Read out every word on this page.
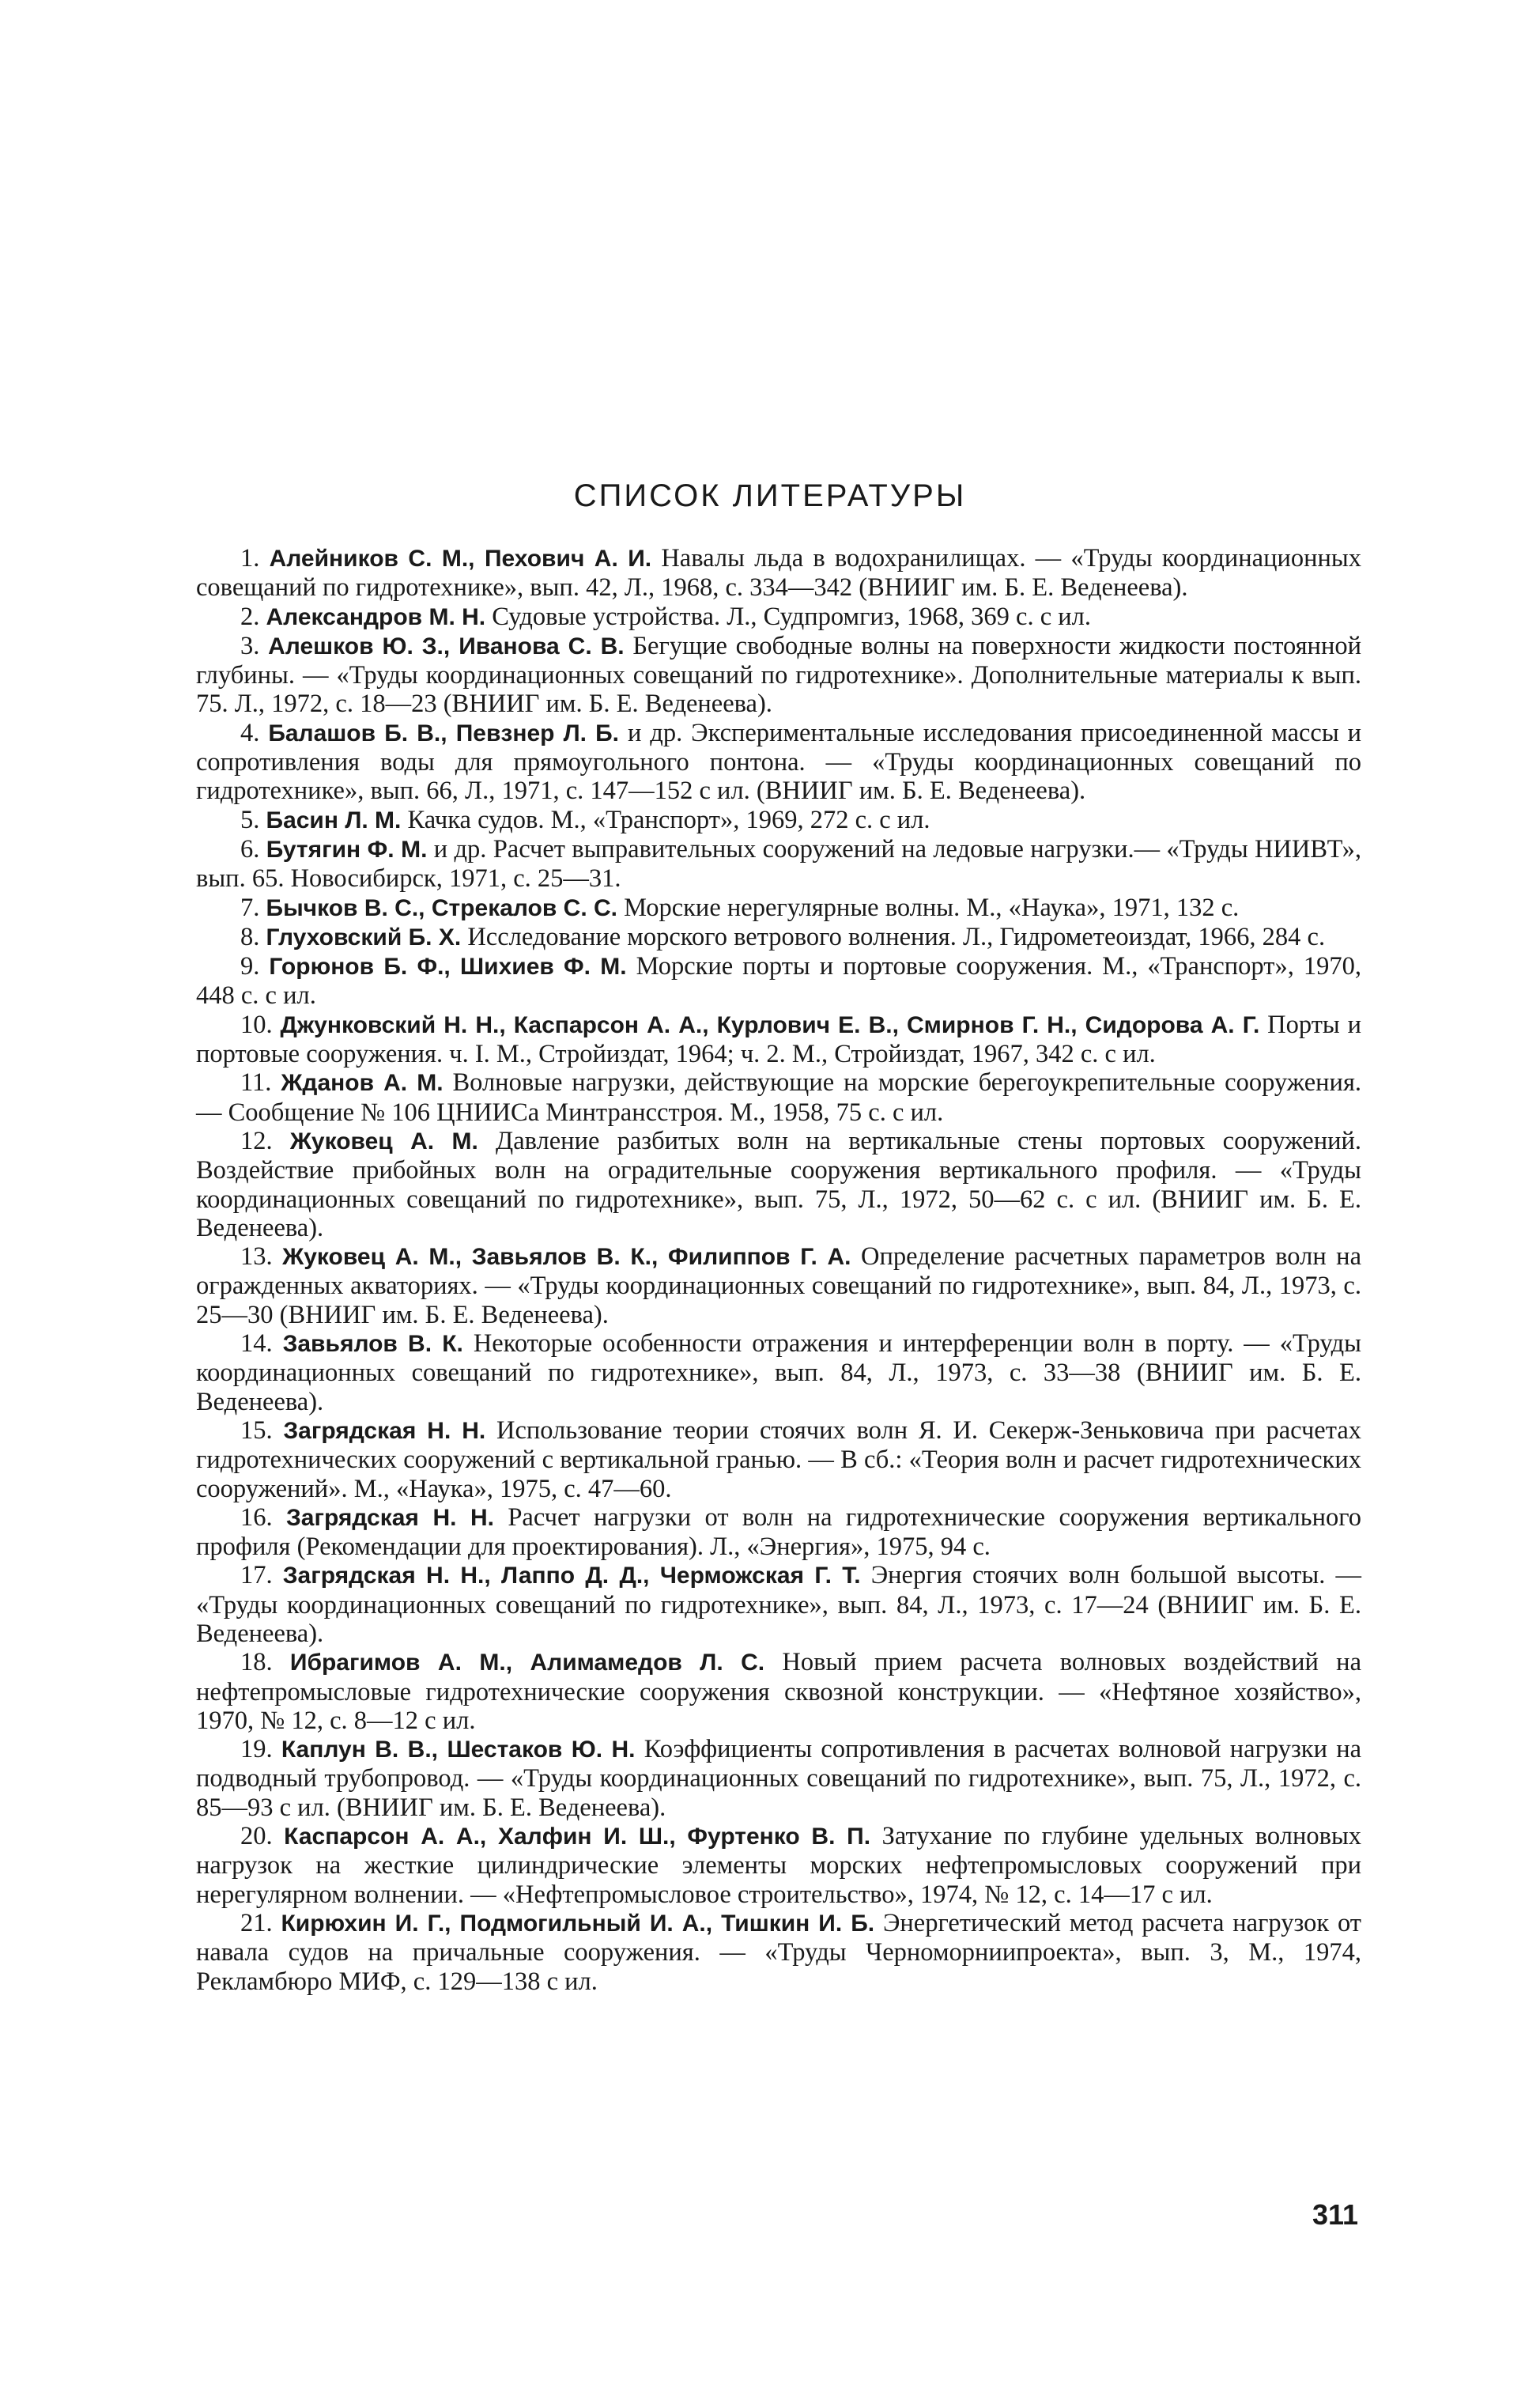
СПИСОК ЛИТЕРАТУРЫ

1. Алейников С. М., Пехович А. И. Навалы льда в водохранилищах. — «Труды координационных совещаний по гидротехнике», вып. 42, Л., 1968, с. 334—342 (ВНИИГ им. Б. Е. Веденеева).

2. Александров М. Н. Судовые устройства. Л., Судпромгиз, 1968, 369 с. с ил.

3. Алешков Ю. З., Иванова С. В. Бегущие свободные волны на поверхности жидкости постоянной глубины. — «Труды координационных совещаний по гидротехнике». Дополнительные материалы к вып. 75. Л., 1972, с. 18—23 (ВНИИГ им. Б. Е. Веденеева).

4. Балашов Б. В., Певзнер Л. Б. и др. Экспериментальные исследования присоединенной массы и сопротивления воды для прямоугольного понтона. — «Труды координационных совещаний по гидротехнике», вып. 66, Л., 1971, с. 147—152 с ил. (ВНИИГ им. Б. Е. Веденеева).

5. Басин Л. М. Качка судов. М., «Транспорт», 1969, 272 с. с ил.

6. Бутягин Ф. М. и др. Расчет выправительных сооружений на ледовые нагрузки.— «Труды НИИВТ», вып. 65. Новосибирск, 1971, с. 25—31.

7. Бычков В. С., Стрекалов С. С. Морские нерегулярные волны. М., «Наука», 1971, 132 с.

8. Глуховский Б. Х. Исследование морского ветрового волнения. Л., Гидрометеоиздат, 1966, 284 с.

9. Горюнов Б. Ф., Шихиев Ф. М. Морские порты и портовые сооружения. М., «Транспорт», 1970, 448 с. с ил.

10. Джунковский Н. Н., Каспарсон А. А., Курлович Е. В., Смирнов Г. Н., Сидорова А. Г. Порты и портовые сооружения. ч. I. М., Стройиздат, 1964; ч. 2. М., Стройиздат, 1967, 342 с. с ил.

11. Жданов А. М. Волновые нагрузки, действующие на морские берегоукрепительные сооружения. — Сообщение № 106 ЦНИИСа Минтрансстроя. М., 1958, 75 с. с ил.

12. Жуковец А. М. Давление разбитых волн на вертикальные стены портовых сооружений. Воздействие прибойных волн на оградительные сооружения вертикального профиля. — «Труды координационных совещаний по гидротехнике», вып. 75, Л., 1972, 50—62 с. с ил. (ВНИИГ им. Б. Е. Веденеева).

13. Жуковец А. М., Завьялов В. К., Филиппов Г. А. Определение расчетных параметров волн на огражденных акваториях. — «Труды координационных совещаний по гидротехнике», вып. 84, Л., 1973, с. 25—30 (ВНИИГ им. Б. Е. Веденеева).

14. Завьялов В. К. Некоторые особенности отражения и интерференции волн в порту. — «Труды координационных совещаний по гидротехнике», вып. 84, Л., 1973, с. 33—38 (ВНИИГ им. Б. Е. Веденеева).

15. Загрядская Н. Н. Использование теории стоячих волн Я. И. Секерж-Зеньковича при расчетах гидротехнических сооружений с вертикальной гранью. — В сб.: «Теория волн и расчет гидротехнических сооружений». М., «Наука», 1975, с. 47—60.

16. Загрядская Н. Н. Расчет нагрузки от волн на гидротехнические сооружения вертикального профиля (Рекомендации для проектирования). Л., «Энергия», 1975, 94 с.

17. Загрядская Н. Н., Лаппо Д. Д., Черможская Г. Т. Энергия стоячих волн большой высоты. — «Труды координационных совещаний по гидротехнике», вып. 84, Л., 1973, с. 17—24 (ВНИИГ им. Б. Е. Веденеева).

18. Ибрагимов А. М., Алимамедов Л. С. Новый прием расчета волновых воздействий на нефтепромысловые гидротехнические сооружения сквозной конструкции. — «Нефтяное хозяйство», 1970, № 12, с. 8—12 с ил.

19. Каплун В. В., Шестаков Ю. Н. Коэффициенты сопротивления в расчетах волновой нагрузки на подводный трубопровод. — «Труды координационных совещаний по гидротехнике», вып. 75, Л., 1972, с. 85—93 с ил. (ВНИИГ им. Б. Е. Веденеева).

20. Каспарсон А. А., Халфин И. Ш., Фуртенко В. П. Затухание по глубине удельных волновых нагрузок на жесткие цилиндрические элементы морских нефтепромысловых сооружений при нерегулярном волнении. — «Нефтепромысловое строительство», 1974, № 12, с. 14—17 с ил.

21. Кирюхин И. Г., Подмогильный И. А., Тишкин И. Б. Энергетический метод расчета нагрузок от навала судов на причальные сооружения. — «Труды Черноморниипроекта», вып. 3, М., 1974, Рекламбюро МИФ, с. 129—138 с ил.

311
